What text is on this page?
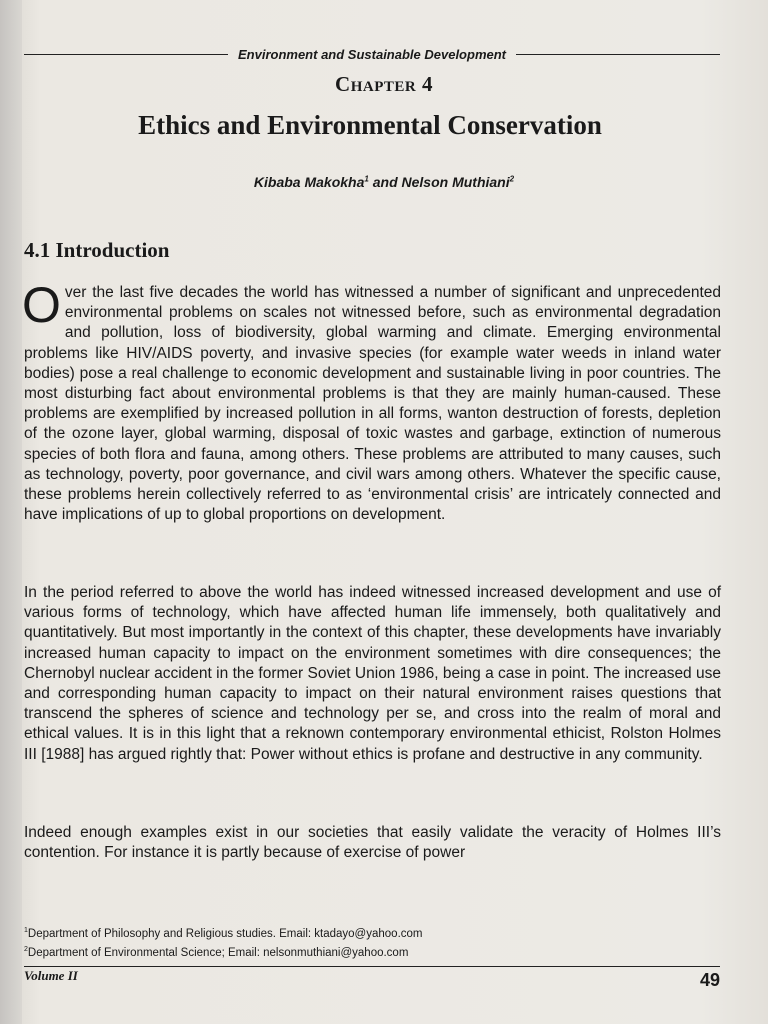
Environment and Sustainable Development
Chapter 4
Ethics and Environmental Conservation
Kibaba Makokha$^1$ and Nelson Muthiani$^2$
4.1 Introduction
Over the last five decades the world has witnessed a number of significant and unprecedented environmental problems on scales not witnessed before, such as environmental degradation and pollution, loss of biodiversity, global warming and climate. Emerging environmental problems like HIV/AIDS poverty, and invasive species (for example water weeds in inland water bodies) pose a real challenge to economic development and sustainable living in poor countries. The most disturbing fact about environmental problems is that they are mainly human-caused. These problems are exemplified by increased pollution in all forms, wanton destruction of forests, depletion of the ozone layer, global warming, disposal of toxic wastes and garbage, extinction of numerous species of both flora and fauna, among others. These problems are attributed to many causes, such as technology, poverty, poor governance, and civil wars among others. Whatever the specific cause, these problems herein collectively referred to as ‘environmental crisis’ are intricately connected and have implications of up to global proportions on development.
In the period referred to above the world has indeed witnessed increased development and use of various forms of technology, which have affected human life immensely, both qualitatively and quantitatively. But most importantly in the context of this chapter, these developments have invariably increased human capacity to impact on the environment sometimes with dire consequences; the Chernobyl nuclear accident in the former Soviet Union 1986, being a case in point. The increased use and corresponding human capacity to impact on their natural environment raises questions that transcend the spheres of science and technology per se, and cross into the realm of moral and ethical values. It is in this light that a reknown contemporary environmental ethicist, Rolston Holmes III [1988] has argued rightly that: Power without ethics is profane and destructive in any community.
Indeed enough examples exist in our societies that easily validate the veracity of Holmes III’s contention. For instance it is partly because of exercise of power
$^1$Department of Philosophy and Religious studies. Email: ktadayo@yahoo.com
$^2$Department of Environmental Science; Email: nelsonmuthiani@yahoo.com
Volume II	49
